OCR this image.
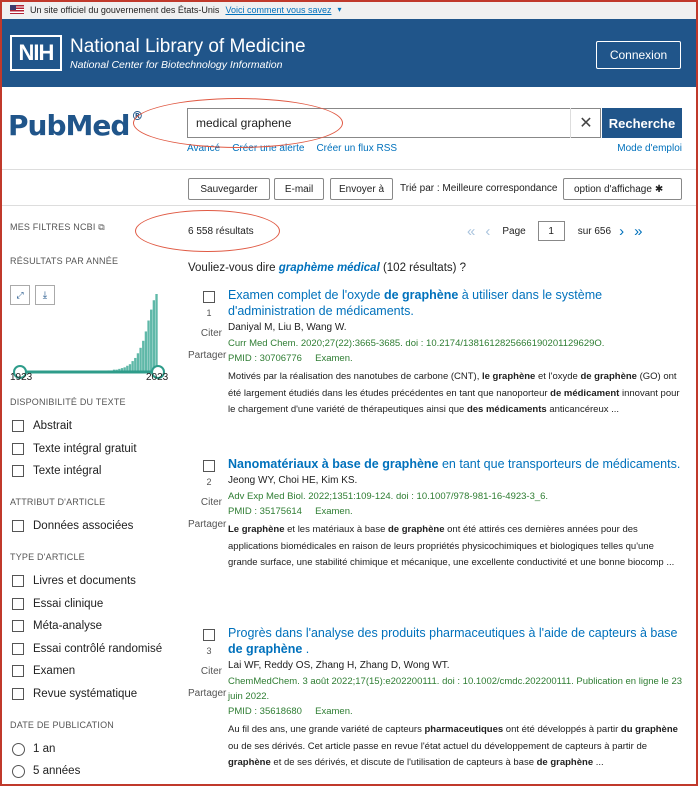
Un site officiel du gouvernement des États-Unis Voici comment vous savez ▾
NIH National Library of Medicine
National Center for Biotechnology Information
Connexion
PubMed ®	medical graphene	✕	Recherche
Avancé Créer une alerte Créer un flux RSS	Mode d'emploi
Sauvegarder	E-mail	Envoyer à	Trié par : Meilleure correspondance option d'affichage ✱
6 558 résultats	« ‹ Page	1	sur 656 › »
MES FILTRES NCBI ⧉
RÉSULTATS PAR ANNÉE
⤢	⤓
1923	2023
DISPONIBILITÉ DU TEXTE
Abstrait
Texte intégral gratuit
Texte intégral
ATTRIBUT D'ARTICLE
Données associées
TYPE D'ARTICLE
Livres et documents
Essai clinique
Méta-analyse
Essai contrôlé randomisé
Examen
Revue systématique
DATE DE PUBLICATION
1 an
5 années
Vouliez-vous dire graphème médical (102 résultats) ?
1
Citer
Partager
Examen complet de l'oxyde de graphène à utiliser dans le système d'administration de médicaments.
Daniyal M, Liu B, Wang W.
Curr Med Chem. 2020;27(22):3665-3685. doi : 10.2174/1381612825666190201129629O.
PMID : 30706776 Examen.
Motivés par la réalisation des nanotubes de carbone (CNT), le graphène et l'oxyde de graphène (GO) ont été largement étudiés dans les études précédentes en tant que nanoporteur de médicament innovant pour le chargement d'une variété de thérapeutiques ainsi que des médicaments anticancéreux ...
2
Citer
Partager
Nanomatériaux à base de graphène en tant que transporteurs de médicaments.
Jeong WY, Choi HE, Kim KS.
Adv Exp Med Biol. 2022;1351:109-124. doi : 10.1007/978-981-16-4923-3_6.
PMID : 35175614 Examen.
Le graphène et les matériaux à base de graphène ont été attirés ces dernières années pour des applications biomédicales en raison de leurs propriétés physicochimiques et biologiques telles qu'une grande surface, une stabilité chimique et mécanique, une excellente conductivité et une bonne biocomp ...
3
Citer
Partager
Progrès dans l'analyse des produits pharmaceutiques à l'aide de capteurs à base de graphène .
Lai WF, Reddy OS, Zhang H, Zhang D, Wong WT.
ChemMedChem. 3 août 2022;17(15):e202200111. doi : 10.1002/cmdc.202200111. Publication en ligne le 23 juin 2022.
PMID : 35618680 Examen.
Au fil des ans, une grande variété de capteurs pharmaceutiques ont été développés à partir du graphène ou de ses dérivés. Cet article passe en revue l'état actuel du développement de capteurs à partir de graphène et de ses dérivés, et discute de l'utilisation de capteurs à base de graphène ...
